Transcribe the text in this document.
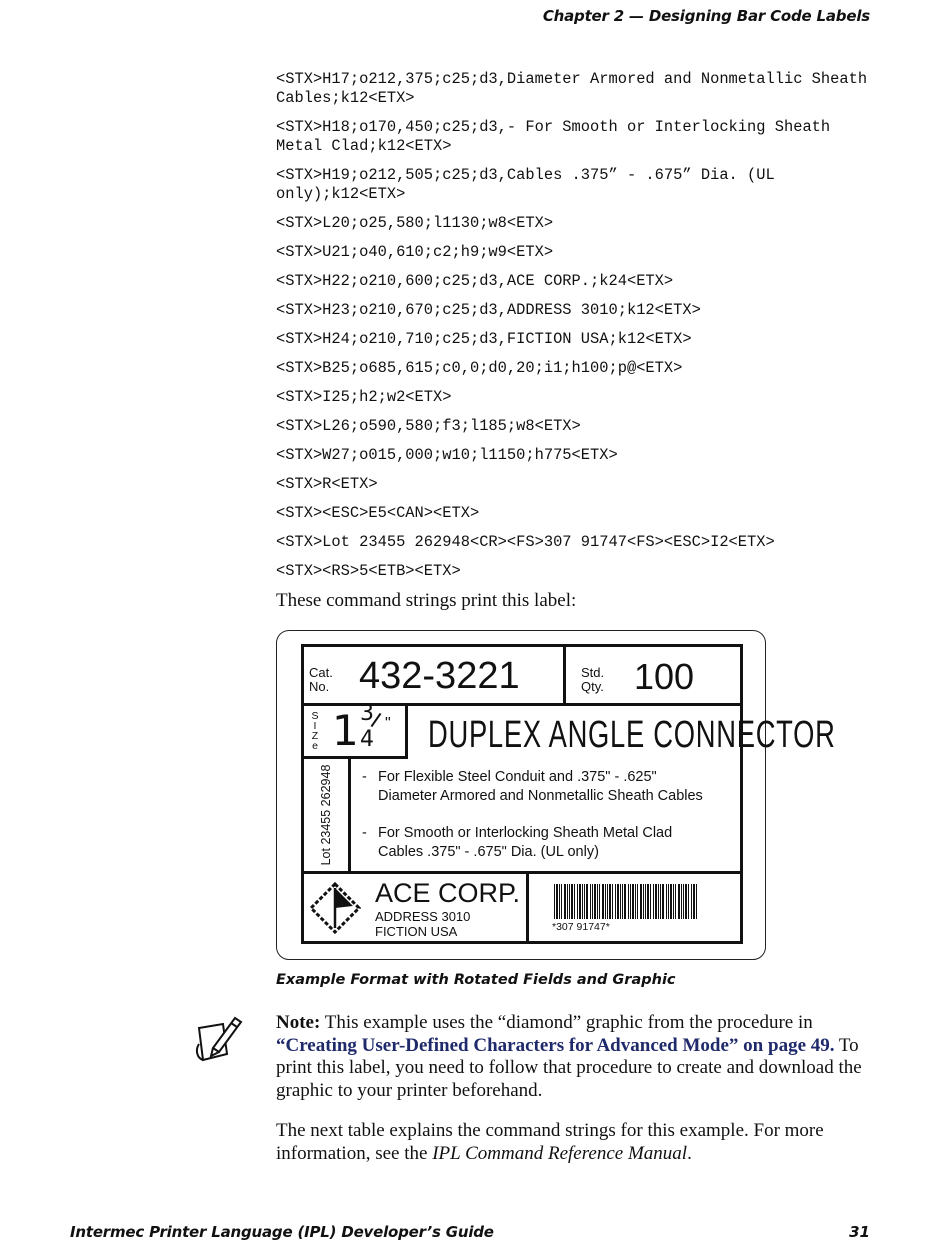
Chapter 2 — Designing Bar Code Labels
<STX>H17;o212,375;c25;d3,Diameter Armored and Nonmetallic Sheath Cables;k12<ETX>
<STX>H18;o170,450;c25;d3,- For Smooth or Interlocking Sheath Metal Clad;k12<ETX>
<STX>H19;o212,505;c25;d3,Cables .375” - .675” Dia. (UL only);k12<ETX>
<STX>L20;o25,580;l1130;w8<ETX>
<STX>U21;o40,610;c2;h9;w9<ETX>
<STX>H22;o210,600;c25;d3,ACE CORP.;k24<ETX>
<STX>H23;o210,670;c25;d3,ADDRESS 3010;k12<ETX>
<STX>H24;o210,710;c25;d3,FICTION USA;k12<ETX>
<STX>B25;o685,615;c0,0;d0,20;i1;h100;p@<ETX>
<STX>I25;h2;w2<ETX>
<STX>L26;o590,580;f3;l185;w8<ETX>
<STX>W27;o015,000;w10;l1150;h775<ETX>
<STX>R<ETX>
<STX><ESC>E5<CAN><ETX>
<STX>Lot 23455 262948<CR><FS>307 91747<FS><ESC>I2<ETX>
<STX><RS>5<ETB><ETX>
These command strings print this label:
Cat.
No. 432-3221	Std.
Qty. 100
S
I
Z
e 1 3
4
" DUPLEX ANGLE CONNECTOR
Lot 23455 262948 - For Flexible Steel Conduit and .375" - .625"
Diameter Armored and Nonmetallic Sheath Cables
- For Smooth or Interlocking Sheath Metal Clad
Cables .375" - .675" Dia. (UL only)
ACE CORP.
ADDRESS 3010
FICTION USA	*307 91747*
Example Format with Rotated Fields and Graphic
Note: This example uses the “diamond” graphic from the procedure in “Creating User-Defined Characters for Advanced Mode” on page 49. To print this label, you need to follow that procedure to create and download the graphic to your printer beforehand.
The next table explains the command strings for this example. For more information, see the IPL Command Reference Manual.
Intermec Printer Language (IPL) Developer’s Guide	31
